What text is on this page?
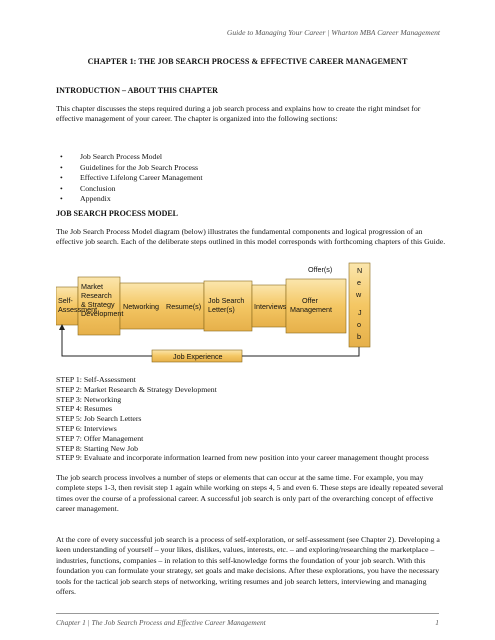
Guide to Managing Your Career | Wharton MBA Career Management
CHAPTER 1: THE JOB SEARCH PROCESS & EFFECTIVE CAREER MANAGEMENT
INTRODUCTION – ABOUT THIS CHAPTER
This chapter discusses the steps required during a job search process and explains how to create the right mindset for effective management of your career. The chapter is organized into the following sections:
• Job Search Process Model
• Guidelines for the Job Search Process
• Effective Lifelong Career Management
• Conclusion
• Appendix
JOB SEARCH PROCESS MODEL
The Job Search Process Model diagram (below) illustrates the fundamental components and logical progression of an effective job search. Each of the deliberate steps outlined in this model corresponds with forthcoming chapters of this Guide.
Self-
Assessment
Market
Research
& Strategy
Development
Networking Resume(s)
Job Search
Letter(s)	Interviews
Offer(s)
Offer
Management
N
e
w
J
o
b
Job Experience
STEP 1: Self-Assessment
STEP 2: Market Research & Strategy Development
STEP 3: Networking
STEP 4: Resumes
STEP 5: Job Search Letters
STEP 6: Interviews
STEP 7: Offer Management
STEP 8: Starting New Job
STEP 9: Evaluate and incorporate information learned from new position into your career management thought process
The job search process involves a number of steps or elements that can occur at the same time. For example, you may complete steps 1-3, then revisit step 1 again while working on steps 4, 5 and even 6. These steps are ideally repeated several times over the course of a professional career. A successful job search is only part of the overarching concept of effective career management.
At the core of every successful job search is a process of self-exploration, or self-assessment (see Chapter 2). Developing a keen understanding of yourself – your likes, dislikes, values, interests, etc. – and exploring/researching the marketplace – industries, functions, companies – in relation to this self-knowledge forms the foundation of your job search. With this foundation you can formulate your strategy, set goals and make decisions. After these explorations, you have the necessary tools for the tactical job search steps of networking, writing resumes and job search letters, interviewing and managing offers.
Chapter 1 | The Job Search Process and Effective Career Management	1
